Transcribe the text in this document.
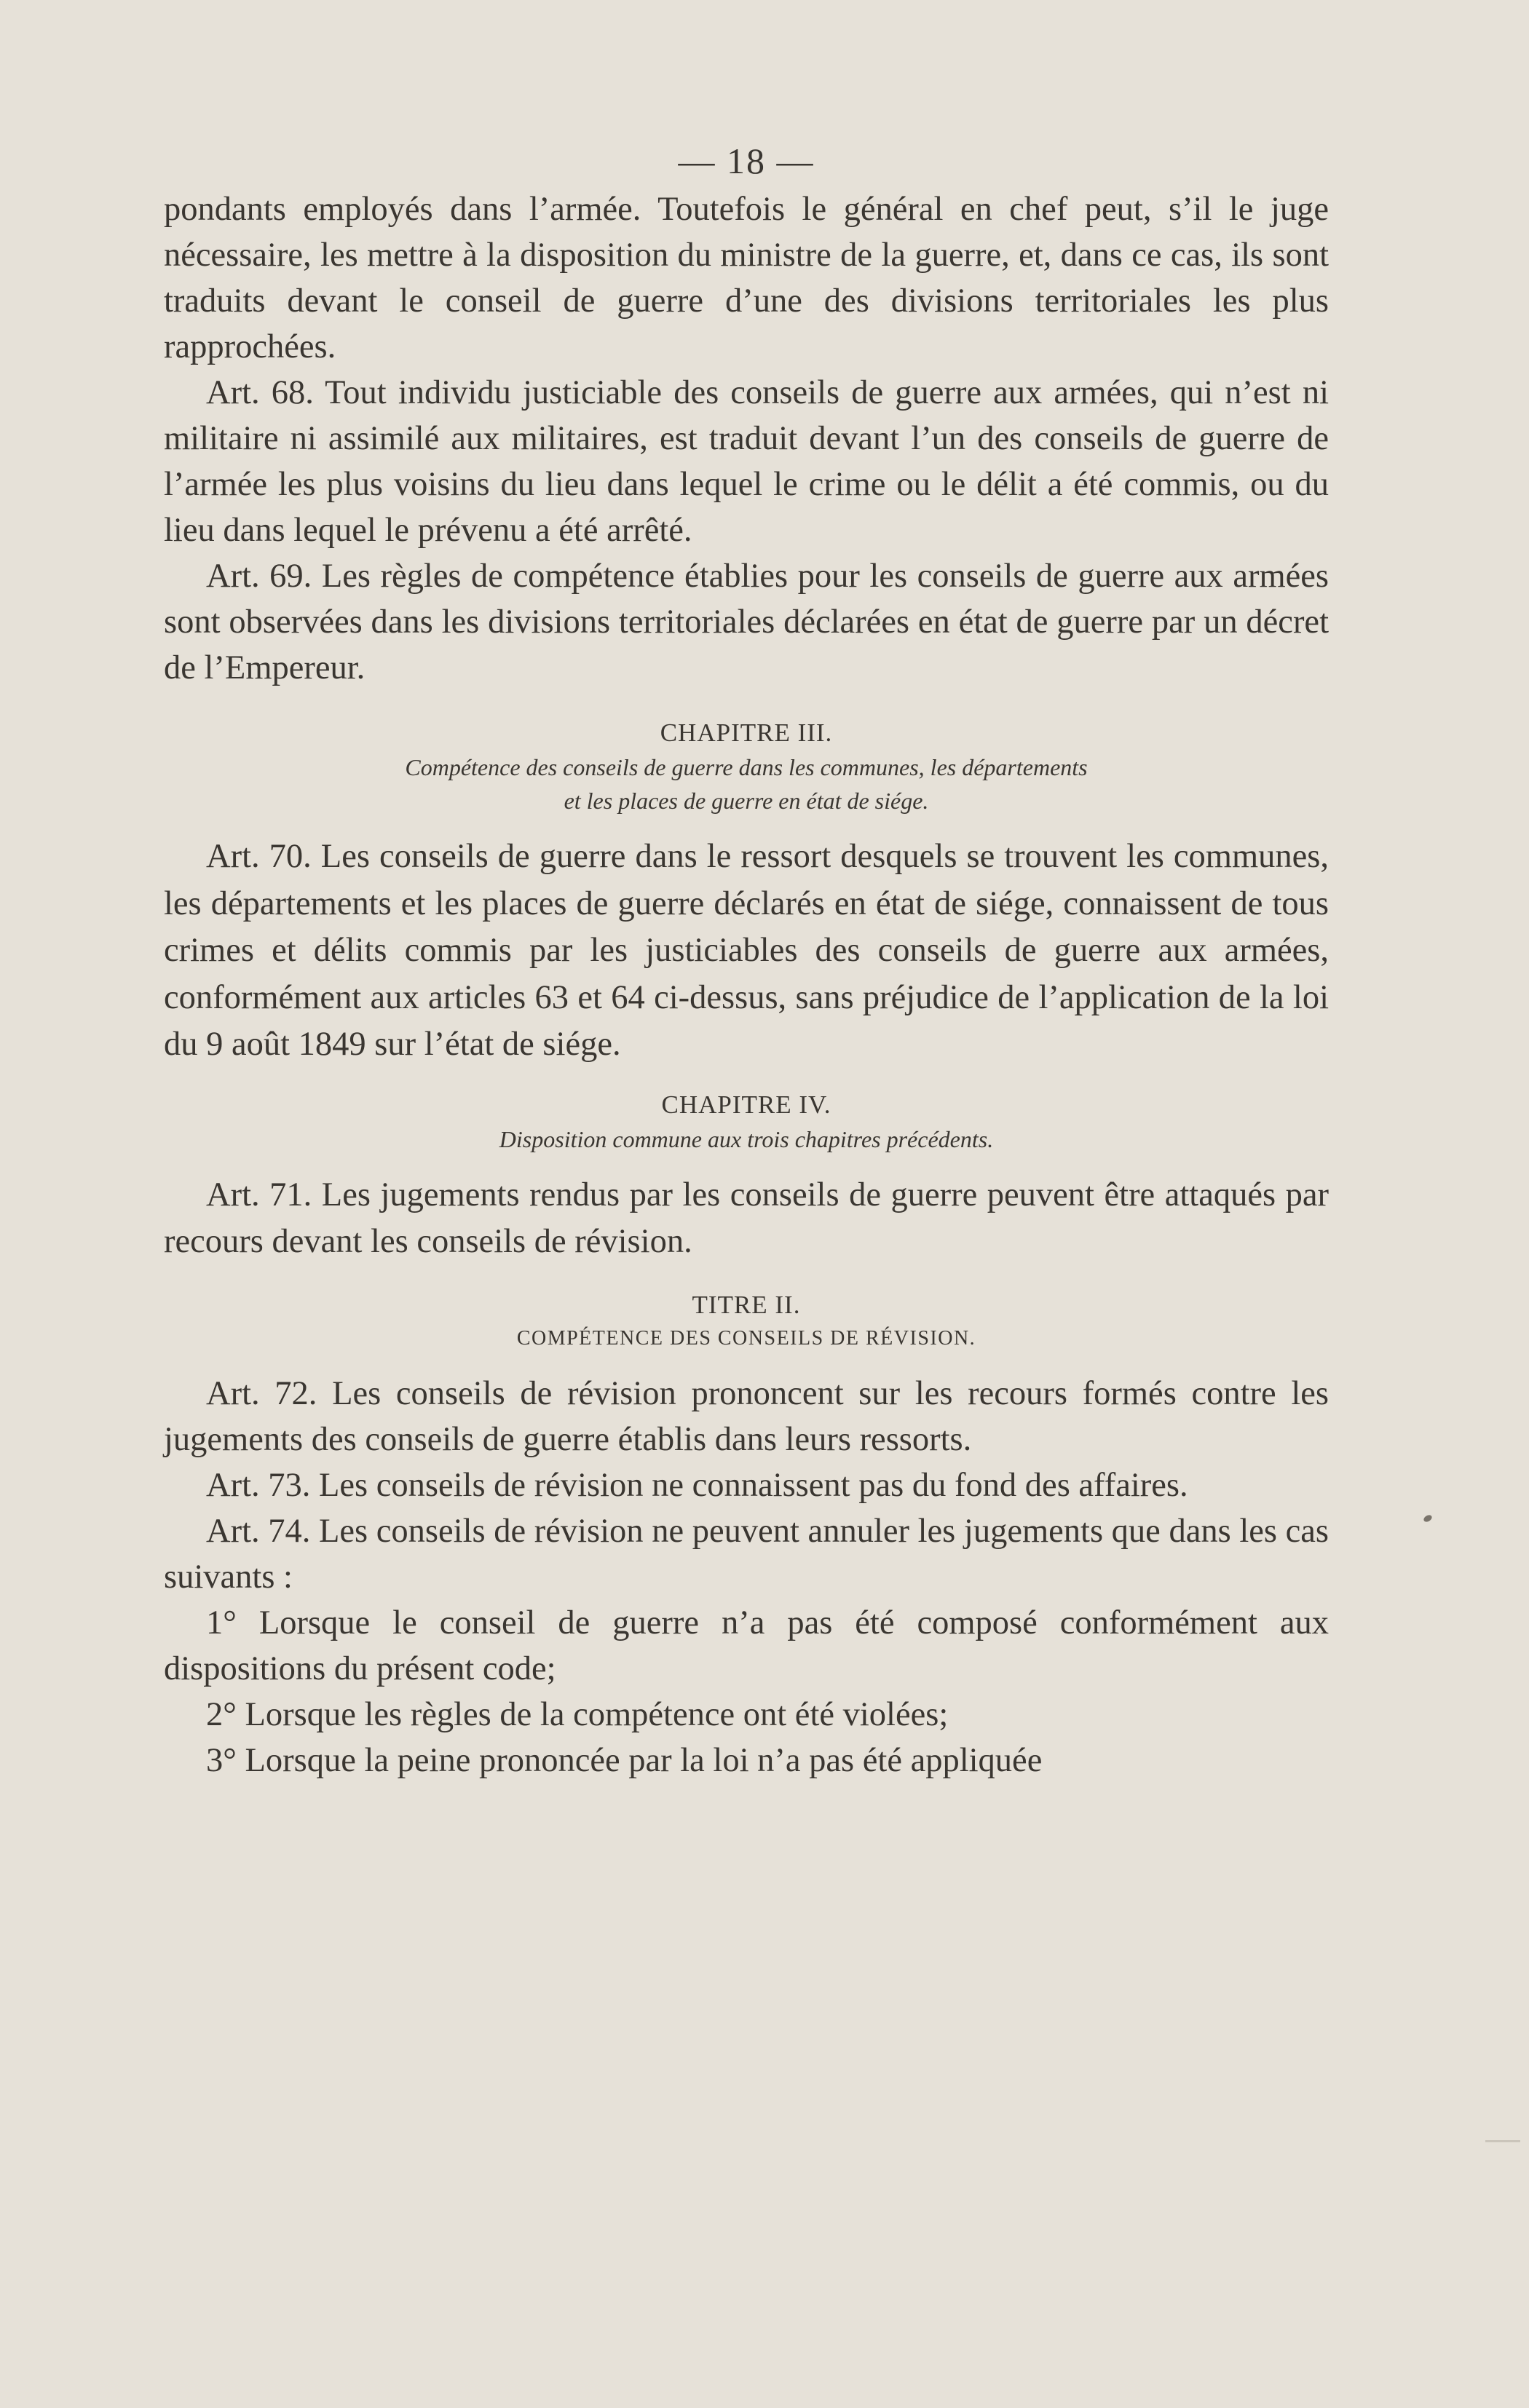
— 18 —

pondants employés dans l’armée. Toutefois le général en chef peut, s’il le juge nécessaire, les mettre à la disposition du ministre de la guerre, et, dans ce cas, ils sont traduits devant le conseil de guerre d’une des divisions territoriales les plus rapprochées.

Art. 68. Tout individu justiciable des conseils de guerre aux armées, qui n’est ni militaire ni assimilé aux militaires, est traduit devant l’un des conseils de guerre de l’armée les plus voisins du lieu dans lequel le crime ou le délit a été commis, ou du lieu dans lequel le prévenu a été arrêté.

Art. 69. Les règles de compétence établies pour les conseils de guerre aux armées sont observées dans les divisions territoriales déclarées en état de guerre par un décret de l’Empereur.

CHAPITRE III.

Compétence des conseils de guerre dans les communes, les départements

et les places de guerre en état de siége.

Art. 70. Les conseils de guerre dans le ressort desquels se trouvent les communes, les départements et les places de guerre déclarés en état de siége, connaissent de tous crimes et délits commis par les justiciables des conseils de guerre aux armées, conformément aux articles 63 et 64 ci-dessus, sans préjudice de l’application de la loi du 9 août 1849 sur l’état de siége.

CHAPITRE IV.

Disposition commune aux trois chapitres précédents.

Art. 71. Les jugements rendus par les conseils de guerre peuvent être attaqués par recours devant les conseils de révision.

TITRE II.

COMPÉTENCE DES CONSEILS DE RÉVISION.

Art. 72. Les conseils de révision prononcent sur les recours formés contre les jugements des conseils de guerre établis dans leurs ressorts.

Art. 73. Les conseils de révision ne connaissent pas du fond des affaires.

Art. 74. Les conseils de révision ne peuvent annuler les jugements que dans les cas suivants :

1° Lorsque le conseil de guerre n’a pas été composé conformément aux dispositions du présent code;

2° Lorsque les règles de la compétence ont été violées;

3° Lorsque la peine prononcée par la loi n’a pas été appliquée
